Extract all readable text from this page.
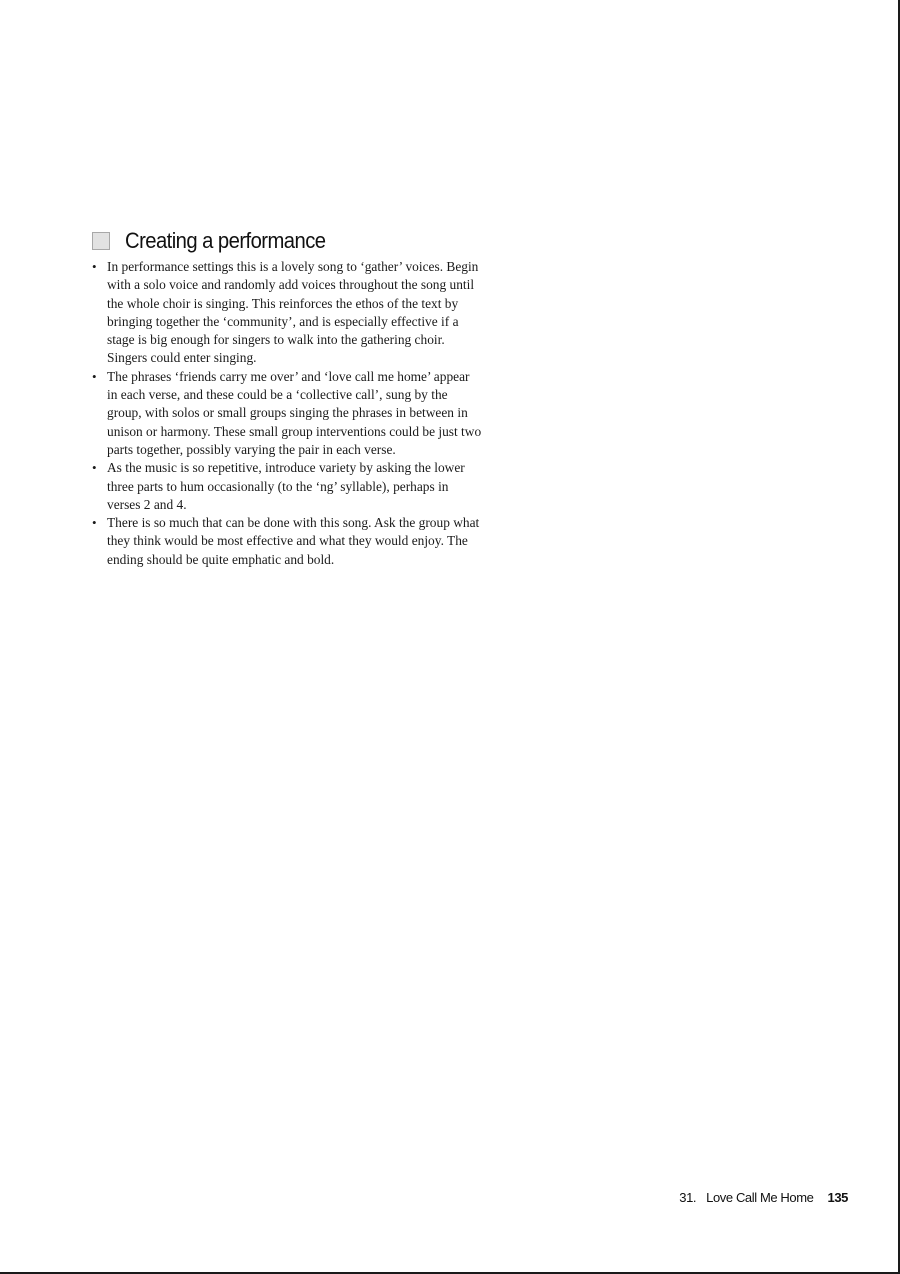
Creating a performance
• In performance settings this is a lovely song to ‘gather’ voices. Begin with a solo voice and randomly add voices throughout the song until the whole choir is singing. This reinforces the ethos of the text by bringing together the ‘community’, and is especially effective if a stage is big enough for singers to walk into the gathering choir. Singers could enter singing.
• The phrases ‘friends carry me over’ and ‘love call me home’ appear in each verse, and these could be a ‘collective call’, sung by the group, with solos or small groups singing the phrases in between in unison or harmony. These small group interventions could be just two parts together, possibly varying the pair in each verse.
• As the music is so repetitive, introduce variety by asking the lower three parts to hum occasionally (to the ‘ng’ syllable), perhaps in verses 2 and 4.
• There is so much that can be done with this song. Ask the group what they think would be most effective and what they would enjoy. The ending should be quite emphatic and bold.
31. Love Call Me Home 135
